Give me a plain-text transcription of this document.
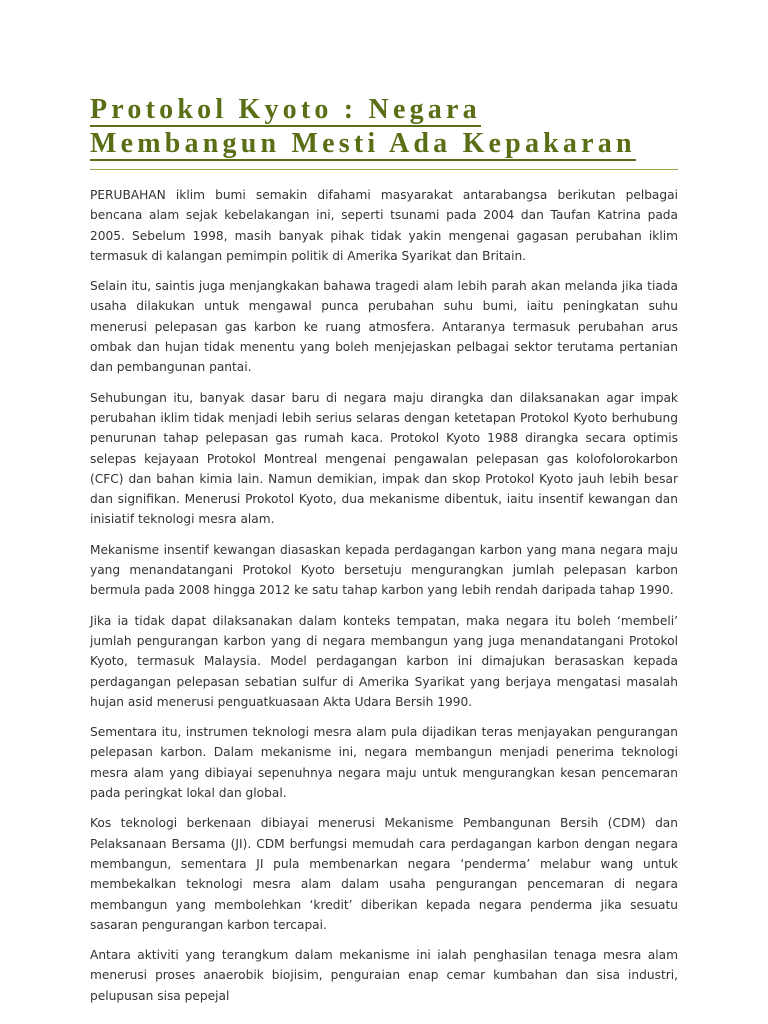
Protokol Kyoto : Negara
Membangun Mesti Ada Kepakaran

PERUBAHAN iklim bumi semakin difahami masyarakat antarabangsa berikutan pelbagai bencana alam sejak kebelakangan ini, seperti tsunami pada 2004 dan Taufan Katrina pada 2005. Sebelum 1998, masih banyak pihak tidak yakin mengenai gagasan perubahan iklim termasuk di kalangan pemimpin politik di Amerika Syarikat dan Britain.

Selain itu, saintis juga menjangkakan bahawa tragedi alam lebih parah akan melanda jika tiada usaha dilakukan untuk mengawal punca perubahan suhu bumi, iaitu peningkatan suhu menerusi pelepasan gas karbon ke ruang atmosfera. Antaranya termasuk perubahan arus ombak dan hujan tidak menentu yang boleh menjejaskan pelbagai sektor terutama pertanian dan pembangunan pantai.

Sehubungan itu, banyak dasar baru di negara maju dirangka dan dilaksanakan agar impak perubahan iklim tidak menjadi lebih serius selaras dengan ketetapan Protokol Kyoto berhubung penurunan tahap pelepasan gas rumah kaca. Protokol Kyoto 1988 dirangka secara optimis selepas kejayaan Protokol Montreal mengenai pengawalan pelepasan gas kolofolorokarbon (CFC) dan bahan kimia lain. Namun demikian, impak dan skop Protokol Kyoto jauh lebih besar dan signifikan. Menerusi Prokotol Kyoto, dua mekanisme dibentuk, iaitu insentif kewangan dan inisiatif teknologi mesra alam.

Mekanisme insentif kewangan diasaskan kepada perdagangan karbon yang mana negara maju yang menandatangani Protokol Kyoto bersetuju mengurangkan jumlah pelepasan karbon bermula pada 2008 hingga 2012 ke satu tahap karbon yang lebih rendah daripada tahap 1990.

Jika ia tidak dapat dilaksanakan dalam konteks tempatan, maka negara itu boleh ‘membeli’ jumlah pengurangan karbon yang di negara membangun yang juga menandatangani Protokol Kyoto, termasuk Malaysia. Model perdagangan karbon ini dimajukan berasaskan kepada perdagangan pelepasan sebatian sulfur di Amerika Syarikat yang berjaya mengatasi masalah hujan asid menerusi penguatkuasaan Akta Udara Bersih 1990.

Sementara itu, instrumen teknologi mesra alam pula dijadikan teras menjayakan pengurangan pelepasan karbon. Dalam mekanisme ini, negara membangun menjadi penerima teknologi mesra alam yang dibiayai sepenuhnya negara maju untuk mengurangkan kesan pencemaran pada peringkat lokal dan global.

Kos teknologi berkenaan dibiayai menerusi Mekanisme Pembangunan Bersih (CDM) dan Pelaksanaan Bersama (JI). CDM berfungsi memudah cara perdagangan karbon dengan negara membangun, sementara JI pula membenarkan negara ‘penderma’ melabur wang untuk membekalkan teknologi mesra alam dalam usaha pengurangan pencemaran di negara membangun yang membolehkan ‘kredit’ diberikan kepada negara penderma jika sesuatu sasaran pengurangan karbon tercapai.

Antara aktiviti yang terangkum dalam mekanisme ini ialah penghasilan tenaga mesra alam menerusi proses anaerobik biojisim, penguraian enap cemar kumbahan dan sisa industri, pelupusan sisa pepejal
